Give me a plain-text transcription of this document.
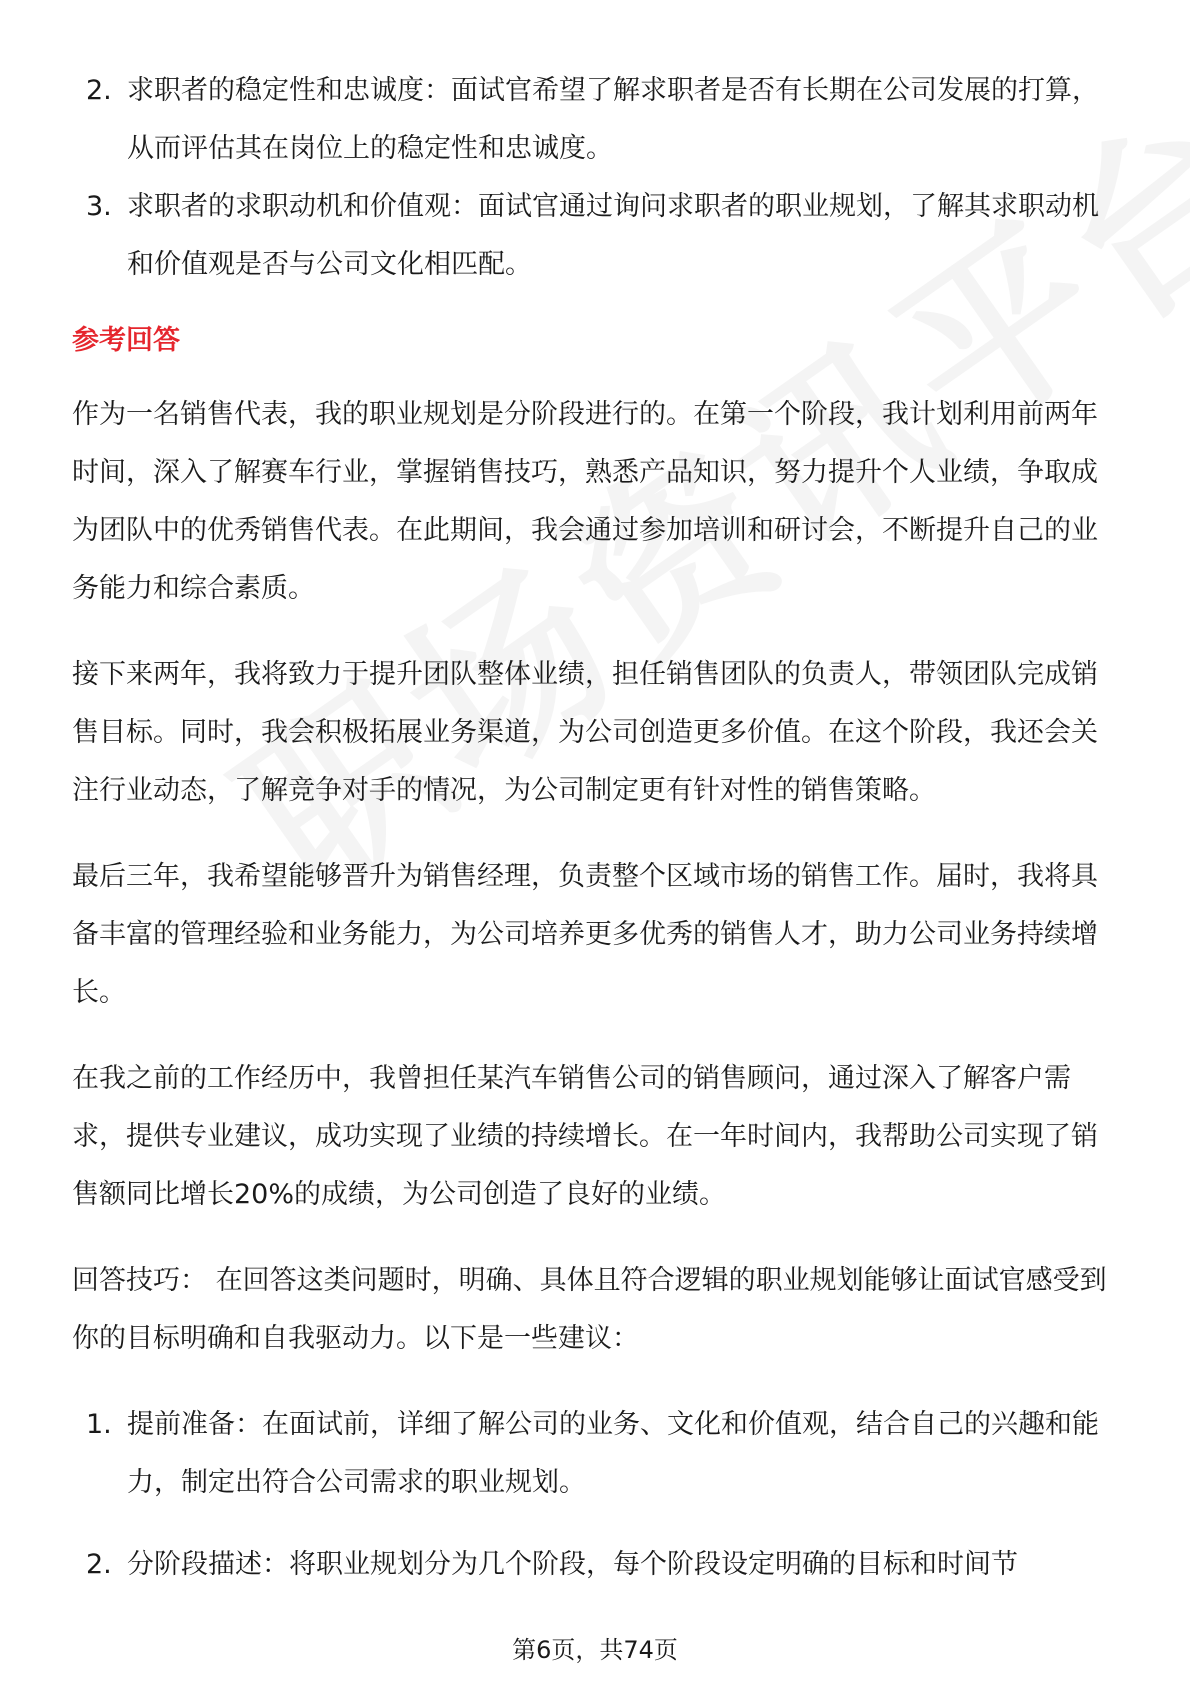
2. 求职者的稳定性和忠诚度：面试官希望了解求职者是否有长期在公司发展的打算，从而评估其在岗位上的稳定性和忠诚度。
3. 求职者的求职动机和价值观：面试官通过询问求职者的职业规划，了解其求职动机和价值观是否与公司文化相匹配。
参考回答
作为一名销售代表，我的职业规划是分阶段进行的。在第一个阶段，我计划利用前两年时间，深入了解赛车行业，掌握销售技巧，熟悉产品知识，努力提升个人业绩，争取成为团队中的优秀销售代表。在此期间，我会通过参加培训和研讨会，不断提升自己的业务能力和综合素质。
接下来两年，我将致力于提升团队整体业绩，担任销售团队的负责人，带领团队完成销售目标。同时，我会积极拓展业务渠道，为公司创造更多价值。在这个阶段，我还会关注行业动态，了解竞争对手的情况，为公司制定更有针对性的销售策略。
最后三年，我希望能够晋升为销售经理，负责整个区域市场的销售工作。届时，我将具备丰富的管理经验和业务能力，为公司培养更多优秀的销售人才，助力公司业务持续增长。
在我之前的工作经历中，我曾担任某汽车销售公司的销售顾问，通过深入了解客户需求，提供专业建议，成功实现了业绩的持续增长。在一年时间内，我帮助公司实现了销售额同比增长20%的成绩，为公司创造了良好的业绩。
回答技巧： 在回答这类问题时，明确、具体且符合逻辑的职业规划能够让面试官感受到你的目标明确和自我驱动力。以下是一些建议：
1. 提前准备：在面试前，详细了解公司的业务、文化和价值观，结合自己的兴趣和能力，制定出符合公司需求的职业规划。
2. 分阶段描述：将职业规划分为几个阶段，每个阶段设定明确的目标和时间节
第6页，共74页
